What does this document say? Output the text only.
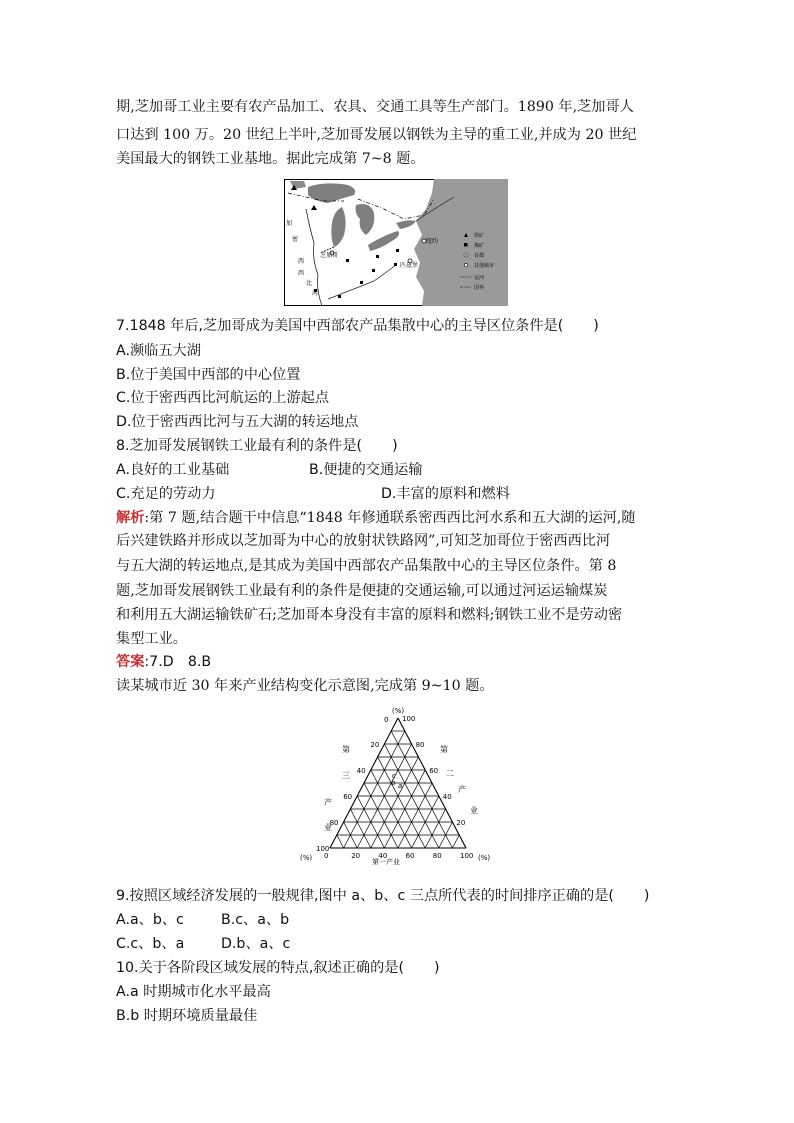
期,芝加哥工业主要有农产品加工、农具、交通工具等生产部门。1890 年,芝加哥人
口达到 100 万。20 世纪上半叶,芝加哥发展以钢铁为主导的重工业,并成为 20 世纪
美国最大的钢铁工业基地。据此完成第 7~8 题。
芝加哥
匹兹堡
纽约
加
密
西
西
比
河
铁矿
煤矿
首都
其他城市
运河
国界
7.1848 年后,芝加哥成为美国中西部农产品集散中心的主导区位条件是( )
A.濒临五大湖
B.位于美国中西部的中心位置
C.位于密西西比河航运的上游起点
D.位于密西西比河与五大湖的转运地点
8.芝加哥发展钢铁工业最有利的条件是( )
A.良好的工业基础	B.便捷的交通运输
C.充足的劳动力	D.丰富的原料和燃料
解析:第 7 题,结合题干中信息“1848 年修通联系密西西比河水系和五大湖的运河,随
后兴建铁路并形成以芝加哥为中心的放射状铁路网”,可知芝加哥位于密西西比河
与五大湖的转运地点,是其成为美国中西部农产品集散中心的主导区位条件。第 8
题,芝加哥发展钢铁工业最有利的条件是便捷的交通运输,可以通过河运运输煤炭
和利用五大湖运输铁矿石;芝加哥本身没有丰富的原料和燃料;钢铁工业不是劳动密
集型工业。
答案:7.D　8.B
读某城市近 30 年来产业结构变化示意图,完成第 9~10 题。
(%)
(%)	(%)
第
三
产
业
第
二
产
业
第一产业
a
b
c
20
20
20
40
40
40
60
60
60
80
80
80
100
100
100
0
0
9.按照区域经济发展的一般规律,图中 a、b、c 三点所代表的时间排序正确的是( )
A.a、b、c	B.c、a、b
C.c、b、a	D.b、a、c
10.关于各阶段区域发展的特点,叙述正确的是( )
A.a 时期城市化水平最高
B.b 时期环境质量最佳
